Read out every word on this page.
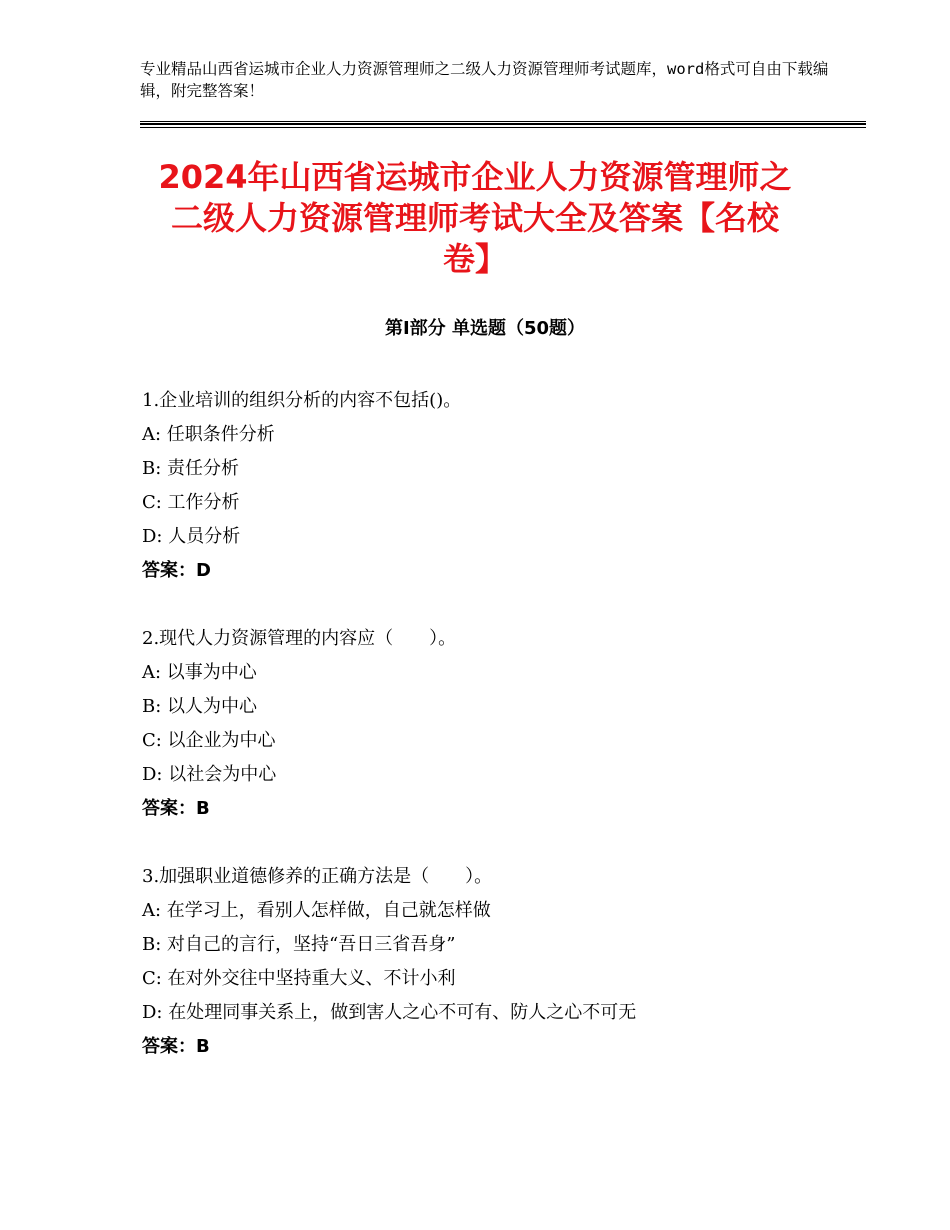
专业精品山西省运城市企业人力资源管理师之二级人力资源管理师考试题库，word格式可自由下载编辑，附完整答案！
2024年山西省运城市企业人力资源管理师之
二级人力资源管理师考试大全及答案【名校
卷】
第Ⅰ部分 单选题（50题）
1.企业培训的组织分析的内容不包括()。
A: 任职条件分析
B: 责任分析
C: 工作分析
D: 人员分析
答案：D
2.现代人力资源管理的内容应（　　）。
A: 以事为中心
B: 以人为中心
C: 以企业为中心
D: 以社会为中心
答案：B
3.加强职业道德修养的正确方法是（　　）。
A: 在学习上，看别人怎样做，自己就怎样做
B: 对自己的言行，坚持“吾日三省吾身”
C: 在对外交往中坚持重大义、不计小利
D: 在处理同事关系上，做到害人之心不可有、防人之心不可无
答案：B
